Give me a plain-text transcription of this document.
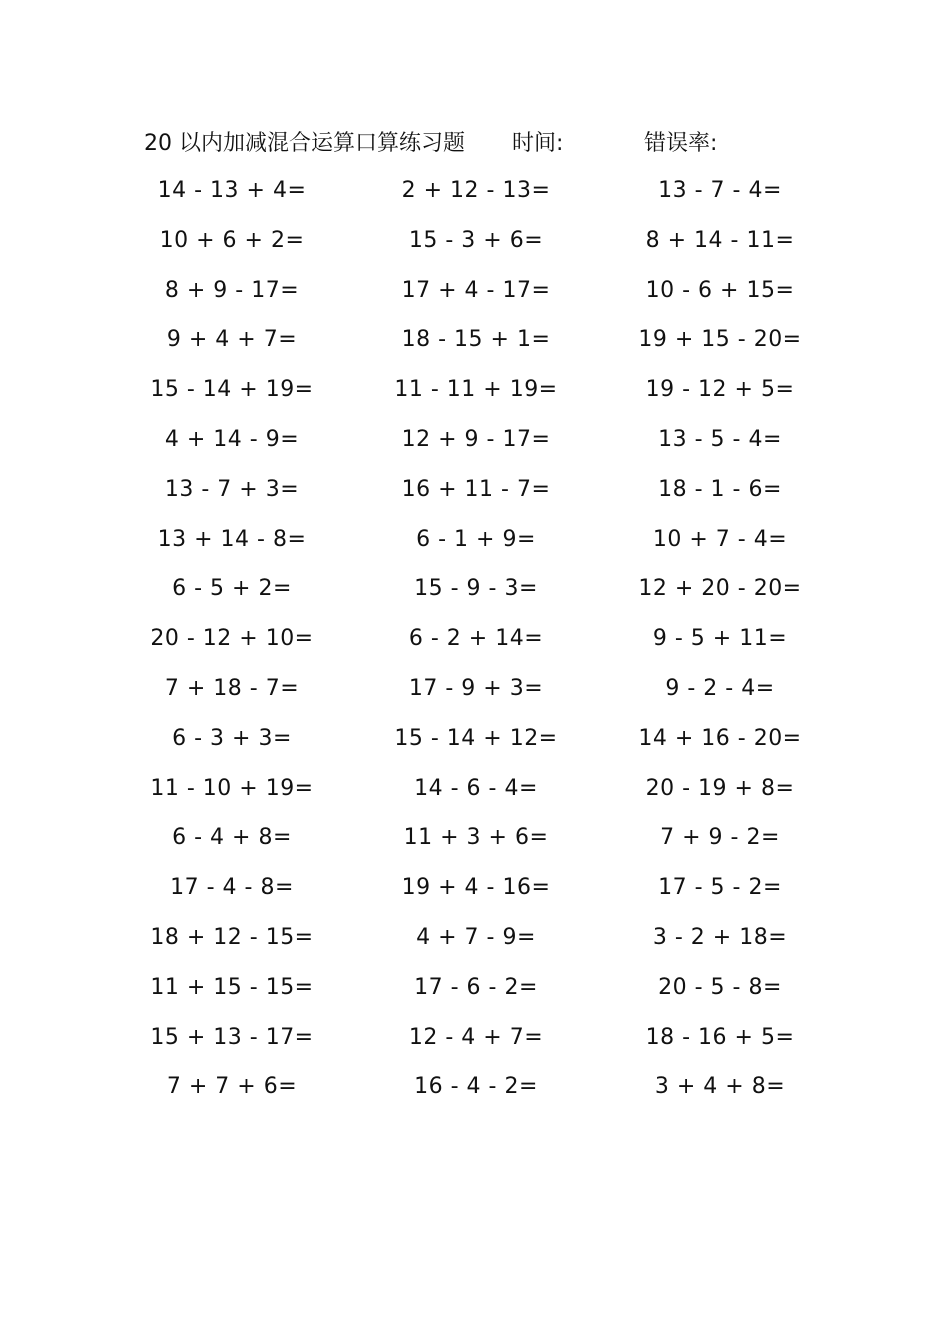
20 以内加减混合运算口算练习题 时间:	错误率:
14 - 13 + 4=	2 + 12 - 13=	13 - 7 - 4=
10 + 6 + 2=	15 - 3 + 6=	8 + 14 - 11=
8 + 9 - 17=	17 + 4 - 17=	10 - 6 + 15=
9 + 4 + 7=	18 - 15 + 1=	19 + 15 - 20=
15 - 14 + 19=	11 - 11 + 19=	19 - 12 + 5=
4 + 14 - 9=	12 + 9 - 17=	13 - 5 - 4=
13 - 7 + 3=	16 + 11 - 7=	18 - 1 - 6=
13 + 14 - 8=	6 - 1 + 9=	10 + 7 - 4=
6 - 5 + 2=	15 - 9 - 3=	12 + 20 - 20=
20 - 12 + 10=	6 - 2 + 14=	9 - 5 + 11=
7 + 18 - 7=	17 - 9 + 3=	9 - 2 - 4=
6 - 3 + 3=	15 - 14 + 12=	14 + 16 - 20=
11 - 10 + 19=	14 - 6 - 4=	20 - 19 + 8=
6 - 4 + 8=	11 + 3 + 6=	7 + 9 - 2=
17 - 4 - 8=	19 + 4 - 16=	17 - 5 - 2=
18 + 12 - 15=	4 + 7 - 9=	3 - 2 + 18=
11 + 15 - 15=	17 - 6 - 2=	20 - 5 - 8=
15 + 13 - 17=	12 - 4 + 7=	18 - 16 + 5=
7 + 7 + 6=	16 - 4 - 2=	3 + 4 + 8=
